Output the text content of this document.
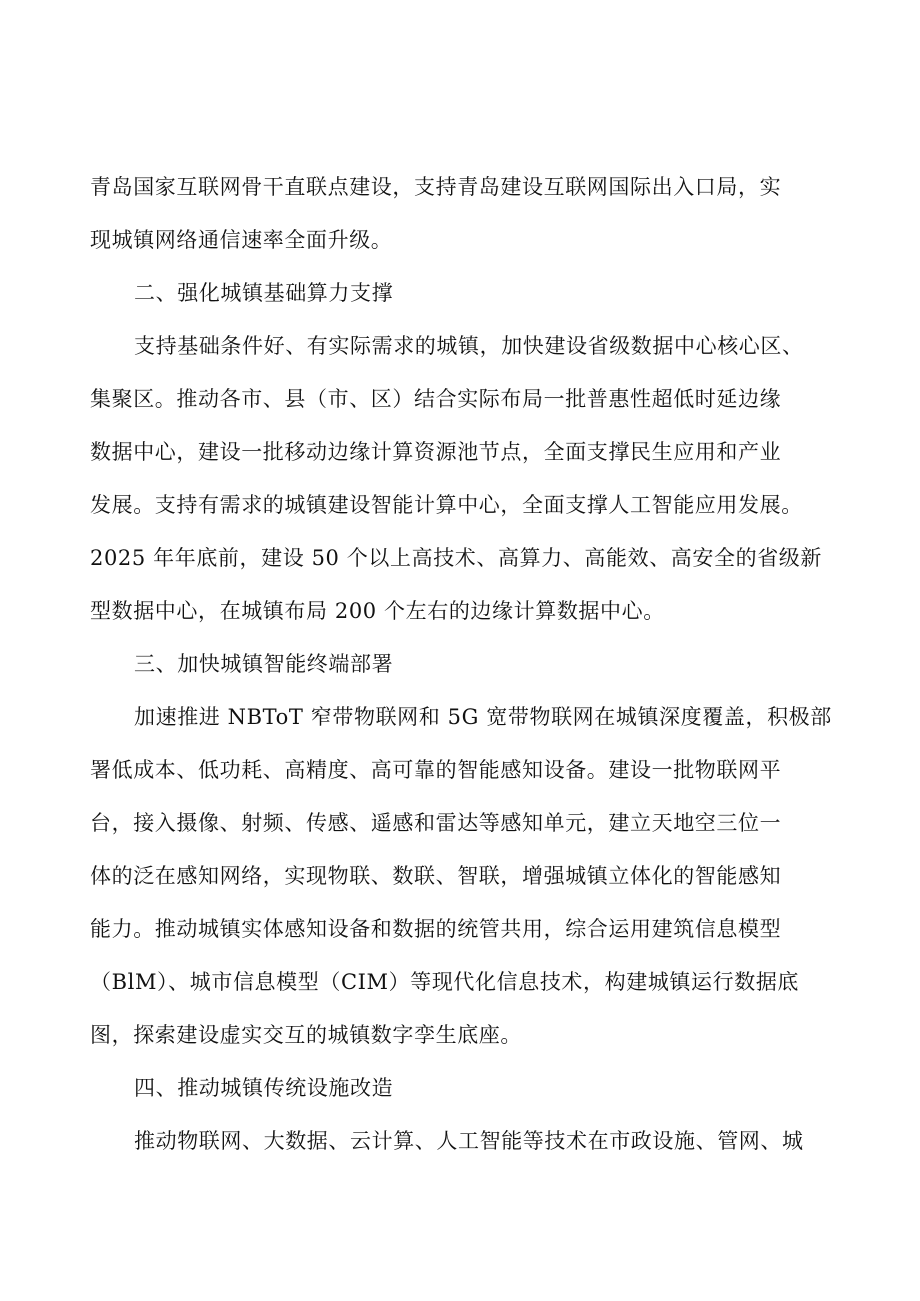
青岛国家互联网骨干直联点建设，支持青岛建设互联网国际出入口局，实
现城镇网络通信速率全面升级。
二、强化城镇基础算力支撑
支持基础条件好、有实际需求的城镇，加快建设省级数据中心核心区、
集聚区。推动各市、县（市、区）结合实际布局一批普惠性超低时延边缘
数据中心，建设一批移动边缘计算资源池节点，全面支撑民生应用和产业
发展。支持有需求的城镇建设智能计算中心，全面支撑人工智能应用发展。
2025 年年底前，建设 50 个以上高技术、高算力、高能效、高安全的省级新
型数据中心，在城镇布局 200 个左右的边缘计算数据中心。
三、加快城镇智能终端部署
加速推进 NBToT 窄带物联网和 5G 宽带物联网在城镇深度覆盖，积极部
署低成本、低功耗、高精度、高可靠的智能感知设备。建设一批物联网平
台，接入摄像、射频、传感、遥感和雷达等感知单元，建立天地空三位一
体的泛在感知网络，实现物联、数联、智联，增强城镇立体化的智能感知
能力。推动城镇实体感知设备和数据的统管共用，综合运用建筑信息模型
（BlM）、城市信息模型（CIM）等现代化信息技术，构建城镇运行数据底
图，探索建设虚实交互的城镇数字孪生底座。
四、推动城镇传统设施改造
推动物联网、大数据、云计算、人工智能等技术在市政设施、管网、城
